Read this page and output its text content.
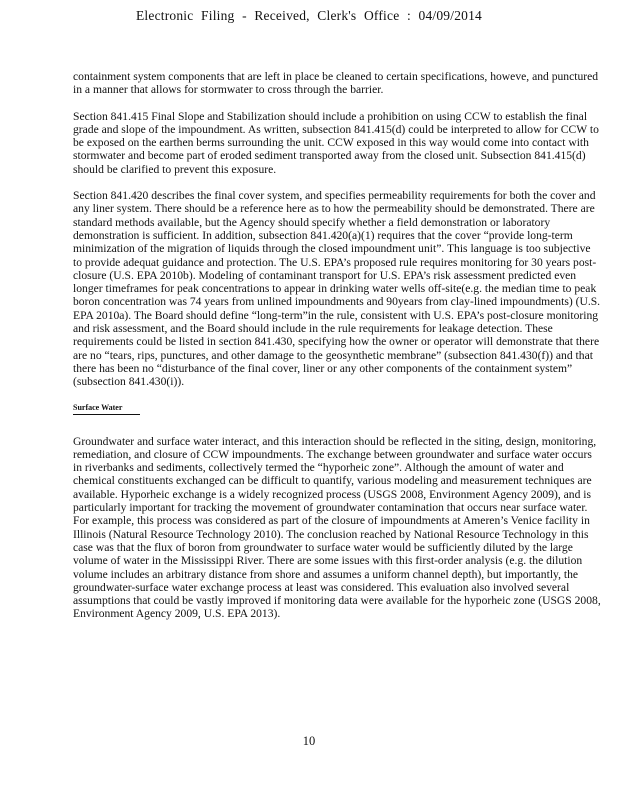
Electronic Filing - Received, Clerk's Office : 04/09/2014

containment system components that are left in place be cleaned to certain specifications, howeve, and punctured in a manner that allows for stormwater to cross through the barrier.

Section 841.415 Final Slope and Stabilization should include a prohibition on using CCW to establish the final grade and slope of the impoundment. As written, subsection 841.415(d) could be interpreted to allow for CCW to be exposed on the earthen berms surrounding the unit. CCW exposed in this way would come into contact with stormwater and become part of eroded sediment transported away from the closed unit. Subsection 841.415(d) should be clarified to prevent this exposure.

Section 841.420 describes the final cover system, and specifies permeability requirements for both the cover and any liner system. There should be a reference here as to how the permeability should be demonstrated. There are standard methods available, but the Agency should specify whether a field demonstration or laboratory demonstration is sufficient. In addition, subsection 841.420(a)(1) requires that the cover “provide long-term minimization of the migration of liquids through the closed impoundment unit”. This language is too subjective to provide adequat guidance and protection. The U.S. EPA’s proposed rule requires monitoring for 30 years post-closure (U.S. EPA 2010b). Modeling of contaminant transport for U.S. EPA’s risk assessment predicted even longer timeframes for peak concentrations to appear in drinking water wells off-site(e.g. the median time to peak boron concentration was 74 years from unlined impoundments and 90years from clay-lined impoundments) (U.S. EPA 2010a). The Board should define “long-term”in the rule, consistent with U.S. EPA’s post-closure monitoring and risk assessment, and the Board should include in the rule requirements for leakage detection. These requirements could be listed in section 841.430, specifying how the owner or operator will demonstrate that there are no “tears, rips, punctures, and other damage to the geosynthetic membrane” (subsection 841.430(f)) and that there has been no “disturbance of the final cover, liner or any other components of the containment system” (subsection 841.430(i)).

Surface Water

Groundwater and surface water interact, and this interaction should be reflected in the siting, design, monitoring, remediation, and closure of CCW impoundments. The exchange between groundwater and surface water occurs in riverbanks and sediments, collectively termed the “hyporheic zone”. Although the amount of water and chemical constituents exchanged can be difficult to quantify, various modeling and measurement techniques are available. Hyporheic exchange is a widely recognized process (USGS 2008, Environment Agency 2009), and is particularly important for tracking the movement of groundwater contamination that occurs near surface water. For example, this process was considered as part of the closure of impoundments at Ameren’s Venice facility in Illinois (Natural Resource Technology 2010). The conclusion reached by National Resource Technology in this case was that the flux of boron from groundwater to surface water would be sufficiently diluted by the large volume of water in the Mississippi River. There are some issues with this first-order analysis (e.g. the dilution volume includes an arbitrary distance from shore and assumes a uniform channel depth), but importantly, the groundwater-surface water exchange process at least was considered. This evaluation also involved several assumptions that could be vastly improved if monitoring data were available for the hyporheic zone (USGS 2008, Environment Agency 2009, U.S. EPA 2013).

10
